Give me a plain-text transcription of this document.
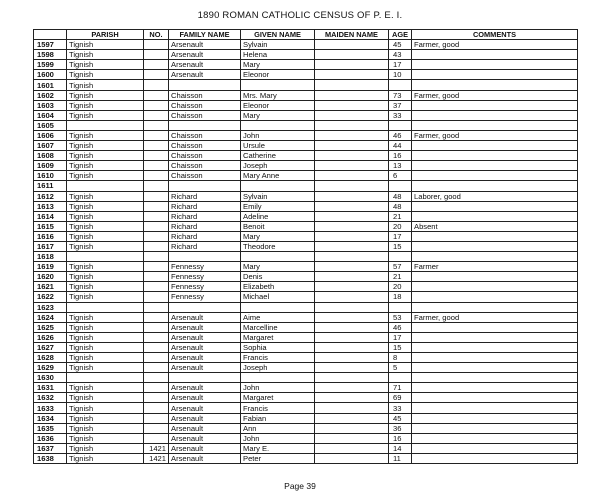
1890 ROMAN CATHOLIC CENSUS OF P. E. I.
	PARISH	NO.	FAMILY NAME	GIVEN NAME	MAIDEN NAME	AGE	COMMENTS
1597	Tignish		Arsenault	Sylvain		45	Farmer, good
1598	Tignish		Arsenault	Helena		43	
1599	Tignish		Arsenault	Mary		17	
1600	Tignish		Arsenault	Eleonor		10	
1601	Tignish						
1602	Tignish		Chaisson	Mrs. Mary		73	Farmer, good
1603	Tignish		Chaisson	Eleonor		37	
1604	Tignish		Chaisson	Mary		33	
1605							
1606	Tignish		Chaisson	John		46	Farmer, good
1607	Tignish		Chaisson	Ursule		44	
1608	Tignish		Chaisson	Catherine		16	
1609	Tignish		Chaisson	Joseph		13	
1610	Tignish		Chaisson	Mary Anne		6	
1611							
1612	Tignish		Richard	Sylvain		48	Laborer, good
1613	Tignish		Richard	Emily		48	
1614	Tignish		Richard	Adeline		21	
1615	Tignish		Richard	Benoit		20	Absent
1616	Tignish		Richard	Mary		17	
1617	Tignish		Richard	Theodore		15	
1618							
1619	Tignish		Fennessy	Mary		57	Farmer
1620	Tignish		Fennessy	Denis		21	
1621	Tignish		Fennessy	Elizabeth		20	
1622	Tignish		Fennessy	Michael		18	
1623							
1624	Tignish		Arsenault	Aime		53	Farmer, good
1625	Tignish		Arsenault	Marcelline		46	
1626	Tignish		Arsenault	Margaret		17	
1627	Tignish		Arsenault	Sophia		15	
1628	Tignish		Arsenault	Francis		8	
1629	Tignish		Arsenault	Joseph		5	
1630							
1631	Tignish		Arsenault	John		71	
1632	Tignish		Arsenault	Margaret		69	
1633	Tignish		Arsenault	Francis		33	
1634	Tignish		Arsenault	Fabian		45	
1635	Tignish		Arsenault	Ann		36	
1636	Tignish		Arsenault	John		16	
1637	Tignish	1421	Arsenault	Mary E.		14	
1638	Tignish	1421	Arsenault	Peter		11	
Page 39
